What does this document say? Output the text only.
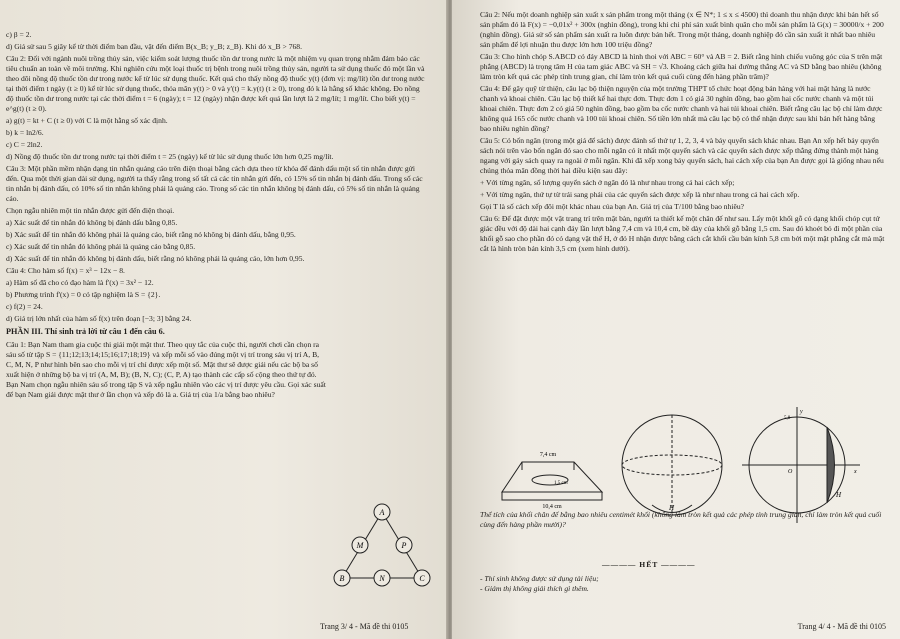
c) β = 2.

d) Giả sử sau 5 giây kể từ thời điểm ban đầu, vật đến điểm B(x_B; y_B; z_B). Khi đó x_B > 768.

Câu 2: Đối với ngành nuôi trồng thủy sản, việc kiểm soát lượng thuốc tồn dư trong nước là một nhiệm vụ quan trọng nhằm đảm bảo các tiêu chuẩn an toàn về môi trường. Khi nghiên cứu một loại thuốc trị bệnh trong nuôi trồng thủy sản, người ta sử dụng thuốc đó một lần và theo dõi nồng độ thuốc tồn dư trong nước kể từ lúc sử dụng thuốc. Kết quả cho thấy nồng độ thuốc y(t) (đơn vị: mg/lít) tồn dư trong nước tại thời điểm t ngày (t ≥ 0) kể từ lúc sử dụng thuốc, thỏa mãn y(t) > 0 và y'(t) = k.y(t) (t ≥ 0), trong đó k là hằng số khác không. Đo nồng độ thuốc tồn dư trong nước tại các thời điểm t = 6 (ngày); t = 12 (ngày) nhận được kết quả lần lượt là 2 mg/lít; 1 mg/lít. Cho biết y(t) = e^g(t) (t ≥ 0).

a) g(t) = kt + C (t ≥ 0) với C là một hằng số xác định.

b) k = ln2/6.

c) C = 2ln2.

d) Nồng độ thuốc tồn dư trong nước tại thời điểm t = 25 (ngày) kể từ lúc sử dụng thuốc lớn hơn 0,25 mg/lít.

Câu 3: Một phần mềm nhận dạng tin nhắn quảng cáo trên điện thoại bằng cách dựa theo từ khóa để đánh dấu một số tin nhắn được gửi đến. Qua một thời gian dài sử dụng, người ta thấy rằng trong số tất cả các tin nhắn gửi đến, có 15% số tin nhắn bị đánh dấu. Trong số các tin nhắn bị đánh dấu, có 10% số tin nhắn không phải là quảng cáo. Trong số các tin nhắn không bị đánh dấu, có 5% số tin nhắn là quảng cáo.

Chọn ngẫu nhiên một tin nhắn được gửi đến điện thoại.

a) Xác suất để tin nhắn đó không bị đánh dấu bằng 0,85.

b) Xác suất để tin nhắn đó không phải là quảng cáo, biết rằng nó không bị đánh dấu, bằng 0,95.

c) Xác suất để tin nhắn đó không phải là quảng cáo bằng 0,85.

d) Xác suất để tin nhắn đó không bị đánh dấu, biết rằng nó không phải là quảng cáo, lớn hơn 0,95.

Câu 4: Cho hàm số f(x) = x³ − 12x − 8.

a) Hàm số đã cho có đạo hàm là f'(x) = 3x² − 12.

b) Phương trình f'(x) = 0 có tập nghiệm là S = {2}.

c) f(2) = 24.

d) Giá trị lớn nhất của hàm số f(x) trên đoạn [−3; 3] bằng 24.

PHẦN III. Thí sinh trả lời từ câu 1 đến câu 6.

Câu 1: Bạn Nam tham gia cuộc thi giải một mật thư. Theo quy tắc của cuộc thi, người chơi cần chọn ra sáu số từ tập S = {11;12;13;14;15;16;17;18;19} và xếp mỗi số vào đúng một vị trí trong sáu vị trí A, B, C, M, N, P như hình bên sao cho mỗi vị trí chỉ được xếp một số. Mật thư sẽ được giải nếu các bộ ba số xuất hiện ở những bộ ba vị trí (A, M, B); (B, N, C); (C, P, A) tạo thành các cấp số cộng theo thứ tự đó. Bạn Nam chọn ngẫu nhiên sáu số trong tập S và xếp ngẫu nhiên vào các vị trí được yêu cầu. Gọi xác suất để bạn Nam giải được mật thư ở lần chọn và xếp đó là a. Giá trị của 1/a bằng bao nhiêu?

A
M	P
B	N	C
Trang 3/ 4 - Mã đề thi 0105

Câu 2: Nếu một doanh nghiệp sản xuất x sản phẩm trong một tháng (x ∈ N*; 1 ≤ x ≤ 4500) thì doanh thu nhận được khi bán hết số sản phẩm đó là F(x) = −0,01x² + 300x (nghìn đồng), trong khi chi phí sản xuất bình quân cho mỗi sản phẩm là G(x) = 30000/x + 200 (nghìn đồng). Giả sử số sản phẩm sản xuất ra luôn được bán hết. Trong một tháng, doanh nghiệp đó cần sản xuất ít nhất bao nhiêu sản phẩm để lợi nhuận thu được lớn hơn 100 triệu đồng?

Câu 3: Cho hình chóp S.ABCD có đáy ABCD là hình thoi với ABC = 60° và AB = 2. Biết rằng hình chiếu vuông góc của S trên mặt phẳng (ABCD) là trọng tâm H của tam giác ABC và SH = √3. Khoảng cách giữa hai đường thẳng AC và SD bằng bao nhiêu (không làm tròn kết quả các phép tính trung gian, chỉ làm tròn kết quả cuối cùng đến hàng phần trăm)?

Câu 4: Để gây quỹ từ thiện, câu lạc bộ thiện nguyện của một trường THPT tổ chức hoạt động bán hàng với hai mặt hàng là nước chanh và khoai chiên. Câu lạc bộ thiết kế hai thực đơn. Thực đơn 1 có giá 30 nghìn đồng, bao gồm hai cốc nước chanh và một túi khoai chiên. Thực đơn 2 có giá 50 nghìn đồng, bao gồm ba cốc nước chanh và hai túi khoai chiên. Biết rằng câu lạc bộ chỉ làm được không quá 165 cốc nước chanh và 100 túi khoai chiên. Số tiền lớn nhất mà câu lạc bộ có thể nhận được sau khi bán hết hàng bằng bao nhiêu nghìn đồng?

Câu 5: Có bốn ngăn (trong một giá để sách) được đánh số thứ tự 1, 2, 3, 4 và bảy quyển sách khác nhau. Bạn An xếp hết bảy quyển sách nói trên vào bốn ngăn đó sao cho mỗi ngăn có ít nhất một quyển sách và các quyển sách được xếp thẳng đứng thành một hàng ngang với gáy sách quay ra ngoài ở mỗi ngăn. Khi đã xếp xong bảy quyển sách, hai cách xếp của bạn An được gọi là giống nhau nếu chúng thỏa mãn đồng thời hai điều kiện sau đây:

+ Với từng ngăn, số lượng quyển sách ở ngăn đó là như nhau trong cả hai cách xếp;

+ Với từng ngăn, thứ tự từ trái sang phải của các quyển sách được xếp là như nhau trong cả hai cách xếp.

Gọi T là số cách xếp đôi một khác nhau của bạn An. Giá trị của T/100 bằng bao nhiêu?

Câu 6: Để đặt được một vật trang trí trên mặt bàn, người ta thiết kế một chân đế như sau. Lấy một khối gỗ có dạng khối chóp cụt tứ giác đều với độ dài hai cạnh đáy lần lượt bằng 7,4 cm và 10,4 cm, bề dày của khối gỗ bằng 1,5 cm. Sau đó khoét bỏ đi một phần của khối gỗ sao cho phần đó có dạng vật thể H, ở đó H nhận được bằng cách cắt khối cầu bán kính 5,8 cm bởi một mặt phẳng cắt mà mặt cắt là hình tròn bán kính 3,5 cm (xem hình dưới).

7,4 cm
10,4 cm
1,5 cm
H
y
O	x
5,8
H

Thể tích của khối chân đế bằng bao nhiêu centimét khối (không làm tròn kết quả các phép tính trung gian, chỉ làm tròn kết quả cuối cùng đến hàng phần mười)?

———— HẾT ————
- Thí sinh không được sử dụng tài liệu;
- Giám thị không giải thích gì thêm.
Trang 4/ 4 - Mã đề thi 0105
